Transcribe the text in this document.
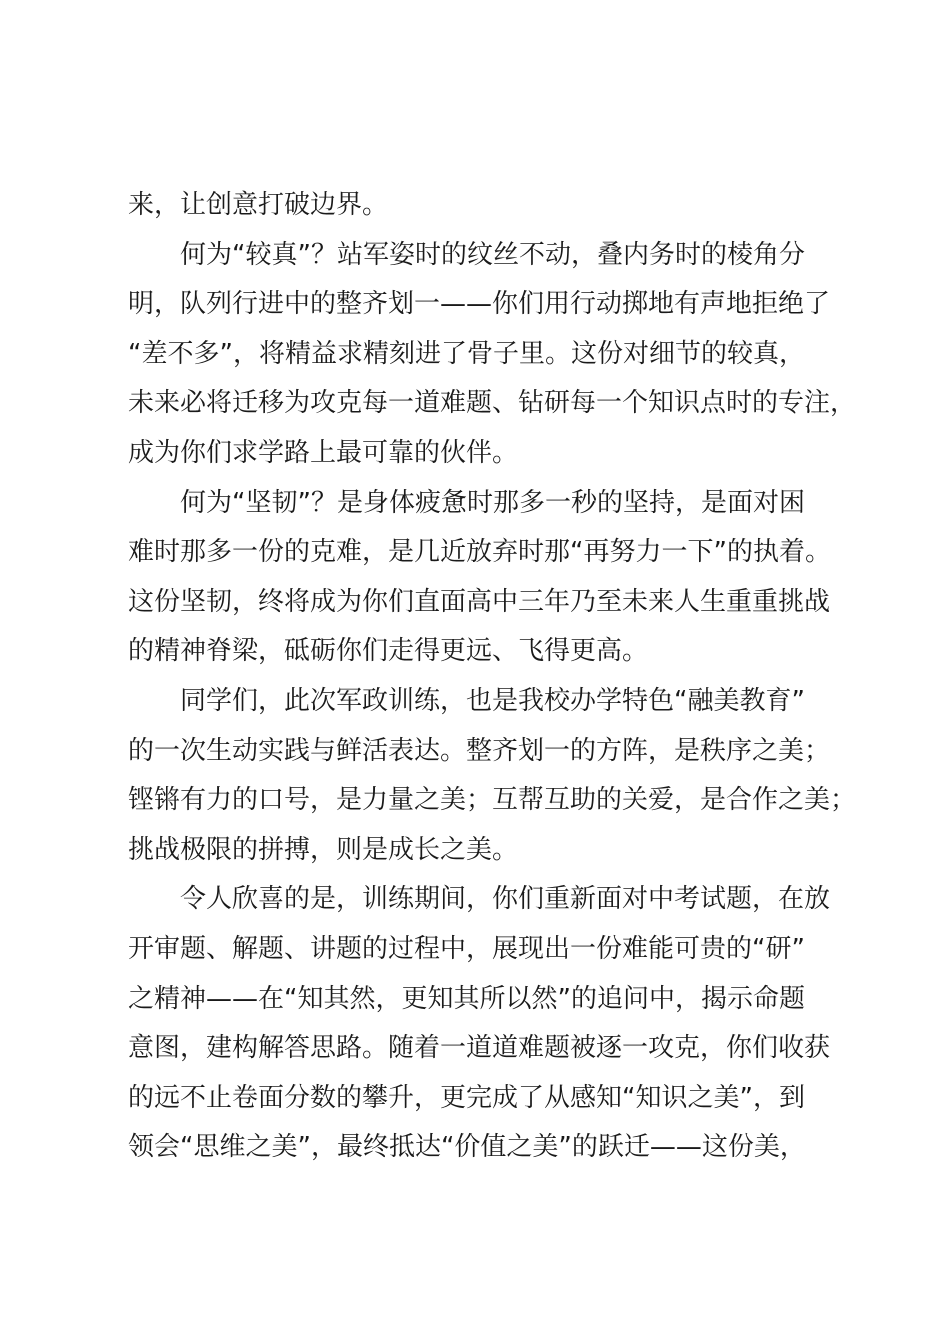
来，让创意打破边界。
何为“较真”？站军姿时的纹丝不动，叠内务时的棱角分
明，队列行进中的整齐划一——你们用行动掷地有声地拒绝了
“差不多”，将精益求精刻进了骨子里。这份对细节的较真，
未来必将迁移为攻克每一道难题、钻研每一个知识点时的专注，
成为你们求学路上最可靠的伙伴。
何为“坚韧”？是身体疲惫时那多一秒的坚持，是面对困
难时那多一份的克难，是几近放弃时那“再努力一下”的执着。
这份坚韧，终将成为你们直面高中三年乃至未来人生重重挑战
的精神脊梁，砥砺你们走得更远、飞得更高。
同学们，此次军政训练，也是我校办学特色“融美教育”
的一次生动实践与鲜活表达。整齐划一的方阵，是秩序之美；
铿锵有力的口号，是力量之美；互帮互助的关爱，是合作之美；
挑战极限的拼搏，则是成长之美。
令人欣喜的是，训练期间，你们重新面对中考试题，在放
开审题、解题、讲题的过程中，展现出一份难能可贵的“研”
之精神——在“知其然，更知其所以然”的追问中，揭示命题
意图，建构解答思路。随着一道道难题被逐一攻克，你们收获
的远不止卷面分数的攀升，更完成了从感知“知识之美”，到
领会“思维之美”，最终抵达“价值之美”的跃迁——这份美，
